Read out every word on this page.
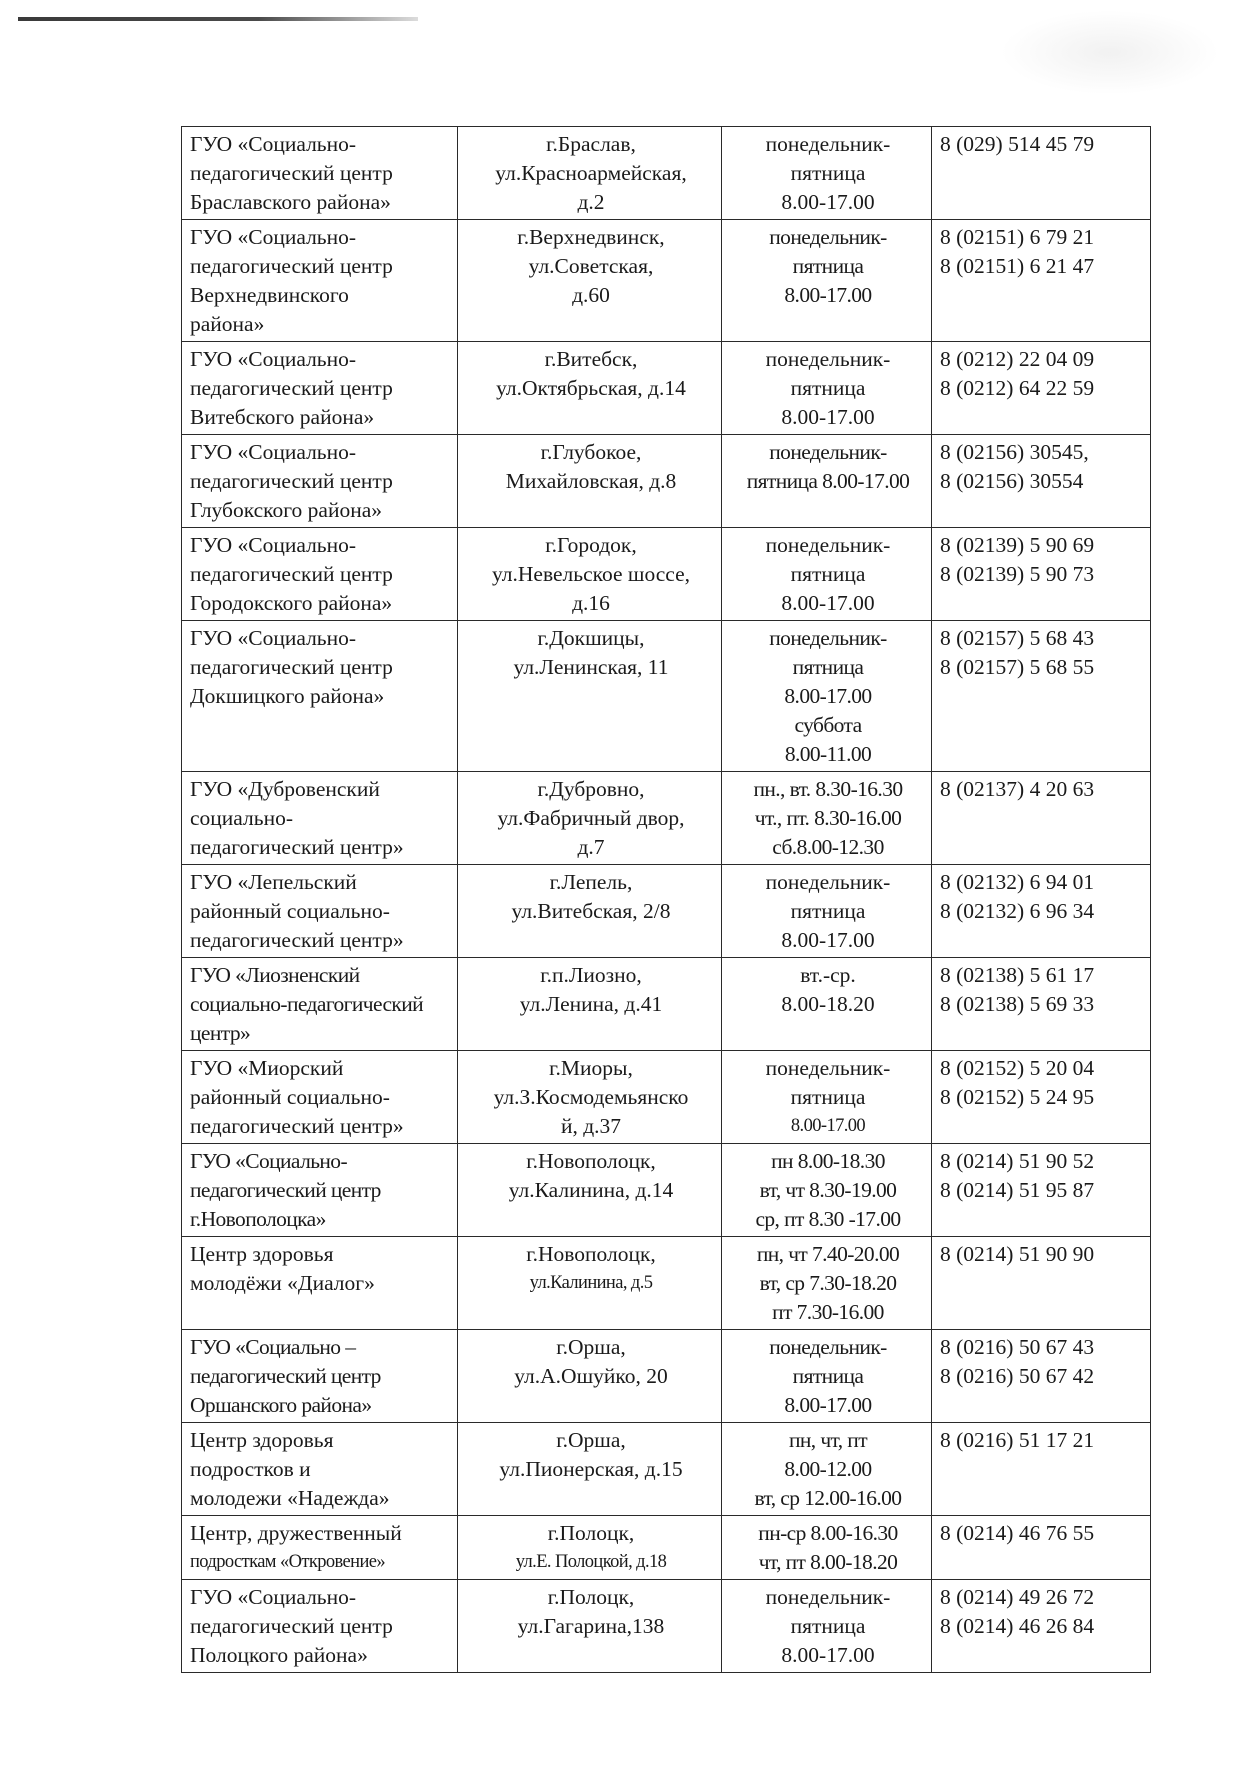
ГУО «Социально-
педагогический центр
Браславского района»	г.Браслав,
ул.Красноармейская,
д.2	понедельник-
пятница
8.00-17.00	8 (029) 514 45 79

ГУО «Социально-
педагогический центр
Верхнедвинского
района»	г.Верхнедвинск,
ул.Советская,
д.60	понедельник-
пятница
8.00-17.00	8 (02151) 6 79 21
8 (02151) 6 21 47

ГУО «Социально-
педагогический центр
Витебского района»	г.Витебск,
ул.Октябрьская, д.14	понедельник-
пятница
8.00-17.00	8 (0212) 22 04 09
8 (0212) 64 22 59

ГУО «Социально-
педагогический центр
Глубокского района»	г.Глубокое,
Михайловская, д.8	понедельник-
пятница 8.00-17.00	8 (02156) 30545,
8 (02156) 30554

ГУО «Социально-
педагогический центр
Городокского района»	г.Городок,
ул.Невельское шоссе,
д.16	понедельник-
пятница
8.00-17.00	8 (02139) 5 90 69
8 (02139) 5 90 73

ГУО «Социально-
педагогический центр
Докшицкого района»	г.Докшицы,
ул.Ленинская, 11	понедельник-
пятница
8.00-17.00
суббота
8.00-11.00	8 (02157) 5 68 43
8 (02157) 5 68 55

ГУО «Дубровенский
социально-
педагогический центр»	г.Дубровно,
ул.Фабричный двор,
д.7	пн., вт. 8.30-16.30
чт., пт. 8.30-16.00
сб.8.00-12.30	8 (02137) 4 20 63

ГУО «Лепельский
районный социально-
педагогический центр»	г.Лепель,
ул.Витебская, 2/8	понедельник-
пятница
8.00-17.00	8 (02132) 6 94 01
8 (02132) 6 96 34

ГУО «Лиозненский
социально-педагогический
центр»	г.п.Лиозно,
ул.Ленина, д.41	вт.-ср.
8.00-18.20	8 (02138) 5 61 17
8 (02138) 5 69 33

ГУО «Миорский
районный социально-
педагогический центр»	г.Миоры,
ул.З.Космодемьянско
й, д.37	понедельник-
пятница
8.00-17.00	8 (02152) 5 20 04
8 (02152) 5 24 95

ГУО «Социально-
педагогический центр
г.Новополоцка»	г.Новополоцк,
ул.Калинина, д.14	пн 8.00-18.30
вт, чт 8.30-19.00
ср, пт 8.30 -17.00	8 (0214) 51 90 52
8 (0214) 51 95 87

Центр здоровья
молодёжи «Диалог»	г.Новополоцк,
ул.Калинина, д.5	пн, чт 7.40-20.00
вт, ср 7.30-18.20
пт 7.30-16.00	8 (0214) 51 90 90

ГУО «Социально –
педагогический центр
Оршанского района»	г.Орша,
ул.А.Ошуйко, 20	понедельник-
пятница
8.00-17.00	8 (0216) 50 67 43
8 (0216) 50 67 42

Центр здоровья
подростков и
молодежи «Надежда»	г.Орша,
ул.Пионерская, д.15	пн, чт, пт
8.00-12.00
вт, ср 12.00-16.00	8 (0216) 51 17 21

Центр, дружественный
подросткам «Откровение»	г.Полоцк,
ул.Е. Полоцкой, д.18	пн-ср 8.00-16.30
чт, пт 8.00-18.20	8 (0214) 46 76 55

ГУО «Социально-
педагогический центр
Полоцкого района»	г.Полоцк,
ул.Гагарина,138	понедельник-
пятница
8.00-17.00	8 (0214) 49 26 72
8 (0214) 46 26 84
